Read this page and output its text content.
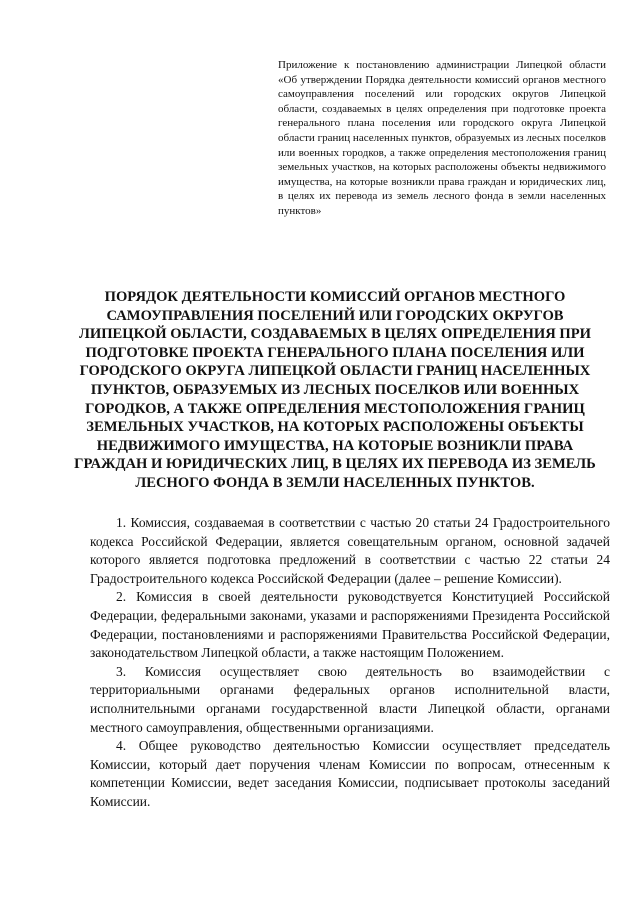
Приложение к постановлению администрации Липецкой области «Об утверждении Порядка деятельности комиссий органов местного самоуправления поселений или городских округов Липецкой области, создаваемых в целях определения при подготовке проекта генерального плана поселения или городского округа Липецкой области границ населенных пунктов, образуемых из лесных поселков или военных городков, а также определения местоположения границ земельных участков, на которых расположены объекты недвижимого имущества, на которые возникли права граждан и юридических лиц, в целях их перевода из земель лесного фонда в земли населенных пунктов»
ПОРЯДОК ДЕЯТЕЛЬНОСТИ КОМИССИЙ ОРГАНОВ МЕСТНОГО САМОУПРАВЛЕНИЯ ПОСЕЛЕНИЙ ИЛИ ГОРОДСКИХ ОКРУГОВ ЛИПЕЦКОЙ ОБЛАСТИ, СОЗДАВАЕМЫХ В ЦЕЛЯХ ОПРЕДЕЛЕНИЯ ПРИ ПОДГОТОВКЕ ПРОЕКТА ГЕНЕРАЛЬНОГО ПЛАНА ПОСЕЛЕНИЯ ИЛИ ГОРОДСКОГО ОКРУГА ЛИПЕЦКОЙ ОБЛАСТИ ГРАНИЦ НАСЕЛЕННЫХ ПУНКТОВ, ОБРАЗУЕМЫХ ИЗ ЛЕСНЫХ ПОСЕЛКОВ ИЛИ ВОЕННЫХ ГОРОДКОВ, А ТАКЖЕ ОПРЕДЕЛЕНИЯ МЕСТОПОЛОЖЕНИЯ ГРАНИЦ ЗЕМЕЛЬНЫХ УЧАСТКОВ, НА КОТОРЫХ РАСПОЛОЖЕНЫ ОБЪЕКТЫ НЕДВИЖИМОГО ИМУЩЕСТВА, НА КОТОРЫЕ ВОЗНИКЛИ ПРАВА ГРАЖДАН И ЮРИДИЧЕСКИХ ЛИЦ, В ЦЕЛЯХ ИХ ПЕРЕВОДА ИЗ ЗЕМЕЛЬ ЛЕСНОГО ФОНДА В ЗЕМЛИ НАСЕЛЕННЫХ ПУНКТОВ.

1. Комиссия, создаваемая в соответствии с частью 20 статьи 24 Градостроительного кодекса Российской Федерации, является совещательным органом, основной задачей которого является подготовка предложений в соответствии с частью 22 статьи 24 Градостроительного кодекса Российской Федерации (далее – решение Комиссии).

2. Комиссия в своей деятельности руководствуется Конституцией Российской Федерации, федеральными законами, указами и распоряжениями Президента Российской Федерации, постановлениями и распоряжениями Правительства Российской Федерации, законодательством Липецкой области, а также настоящим Положением.

3. Комиссия осуществляет свою деятельность во взаимодействии с территориальными органами федеральных органов исполнительной власти, исполнительными органами государственной власти Липецкой области, органами местного самоуправления, общественными организациями.

4. Общее руководство деятельностью Комиссии осуществляет председатель Комиссии, который дает поручения членам Комиссии по вопросам, отнесенным к компетенции Комиссии, ведет заседания Комиссии, подписывает протоколы заседаний Комиссии.
